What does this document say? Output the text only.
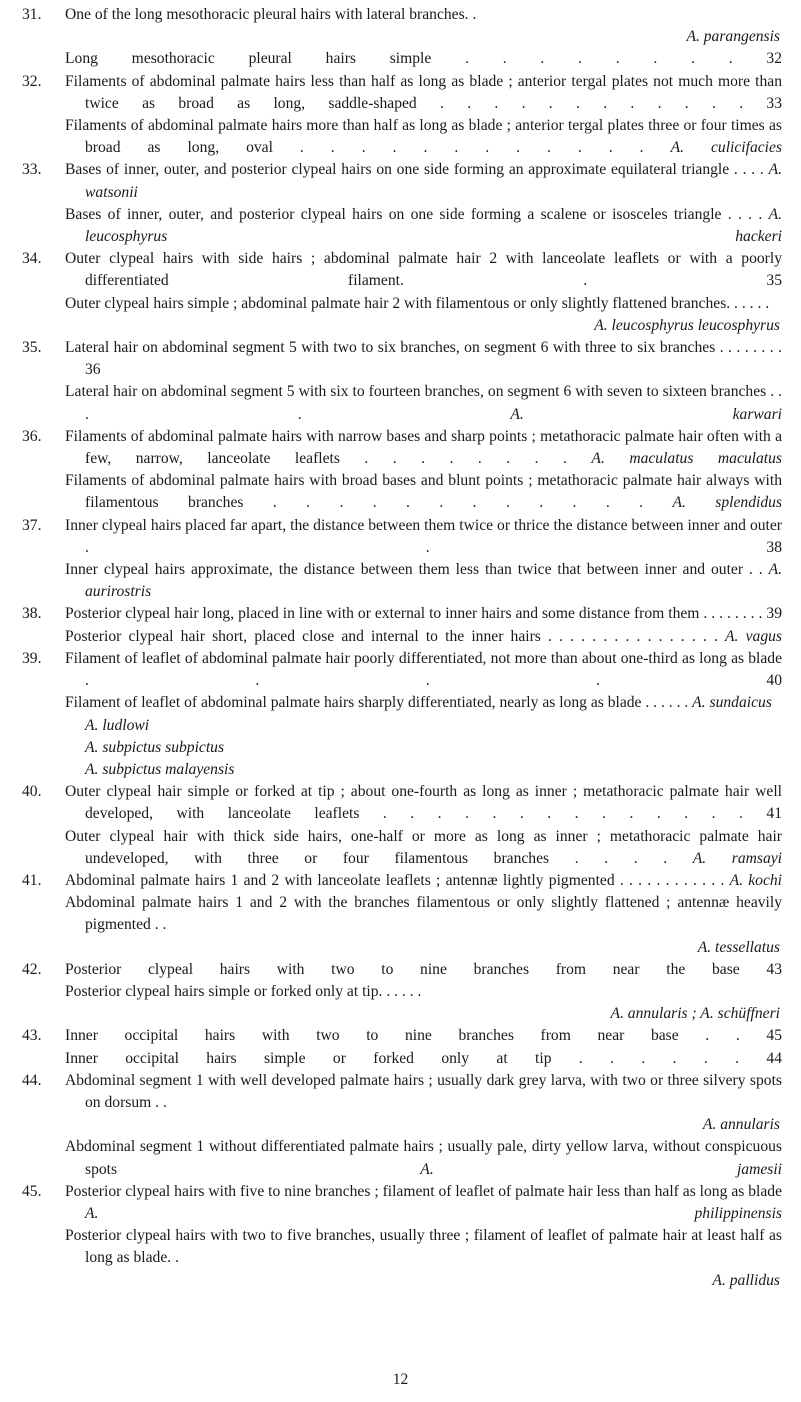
31.	One of the long mesothoracic pleural hairs with lateral branches. .
A. parangensis
Long mesothoracic pleural hairs simple . . . . . . . . 32
32.	Filaments of abdominal palmate hairs less than half as long as blade ; anterior tergal plates not much more than twice as broad as long, saddle-shaped . . . . . . . . . . . . 33
Filaments of abdominal palmate hairs more than half as long as blade ; anterior tergal plates three or four times as broad as long, oval . . . . . . . . . . . . A. culicifacies
33.	Bases of inner, outer, and posterior clypeal hairs on one side forming an approximate equilateral triangle . . . . A. watsonii
Bases of inner, outer, and posterior clypeal hairs on one side forming a scalene or isosceles triangle . . . . A. leucosphyrus hackeri
34.	Outer clypeal hairs with side hairs ; abdominal palmate hair 2 with lanceolate leaflets or with a poorly differentiated filament. . 35
Outer clypeal hairs simple ; abdominal palmate hair 2 with filamentous or only slightly flattened branches. . . . . .
A. leucosphyrus leucosphyrus
35.	Lateral hair on abdominal segment 5 with two to six branches, on segment 6 with three to six branches . . . . . . . . 36
Lateral hair on abdominal segment 5 with six to fourteen branches, on segment 6 with seven to sixteen branches . . . . A. karwari
36.	Filaments of abdominal palmate hairs with narrow bases and sharp points ; metathoracic palmate hair often with a few, narrow, lanceolate leaflets . . . . . . . . A. maculatus maculatus
Filaments of abdominal palmate hairs with broad bases and blunt points ; metathoracic palmate hair always with filamentous branches . . . . . . . . . . . . A. splendidus
37.	Inner clypeal hairs placed far apart, the distance between them twice or thrice the distance between inner and outer . . 38
Inner clypeal hairs approximate, the distance between them less than twice that between inner and outer . . A. aurirostris
38.	Posterior clypeal hair long, placed in line with or external to inner hairs and some distance from them . . . . . . . . 39
Posterior clypeal hair short, placed close and internal to the inner hairs . . . . . . . . . . . . . . . . A. vagus
39.	Filament of leaflet of abdominal palmate hair poorly differentiated, not more than about one-third as long as blade . . . . 40
Filament of leaflet of abdominal palmate hairs sharply differentiated, nearly as long as blade . . . . . . A. sundaicus
A. ludlowi
A. subpictus subpictus
A. subpictus malayensis
40.	Outer clypeal hair simple or forked at tip ; about one-fourth as long as inner ; metathoracic palmate hair well developed, with lanceolate leaflets . . . . . . . . . . . . . . 41
Outer clypeal hair with thick side hairs, one-half or more as long as inner ; metathoracic palmate hair undeveloped, with three or four filamentous branches . . . . A. ramsayi
41.	Abdominal palmate hairs 1 and 2 with lanceolate leaflets ; antennæ lightly pigmented . . . . . . . . . . . . A. kochi
Abdominal palmate hairs 1 and 2 with the branches filamentous or only slightly flattened ; antennæ heavily pigmented . .
A. tessellatus
42.	Posterior clypeal hairs with two to nine branches from near the base 43
Posterior clypeal hairs simple or forked only at tip. . . . . .
A. annularis ; A. schüffneri
43.	Inner occipital hairs with two to nine branches from near base . . 45
Inner occipital hairs simple or forked only at tip . . . . . . 44
44.	Abdominal segment 1 with well developed palmate hairs ; usually dark grey larva, with two or three silvery spots on dorsum . .
A. annularis
Abdominal segment 1 without differentiated palmate hairs ; usually pale, dirty yellow larva, without conspicuous spots A. jamesii
45.	Posterior clypeal hairs with five to nine branches ; filament of leaflet of palmate hair less than half as long as blade A. philippinensis
Posterior clypeal hairs with two to five branches, usually three ; filament of leaflet of palmate hair at least half as long as blade. .
A. pallidus
12
